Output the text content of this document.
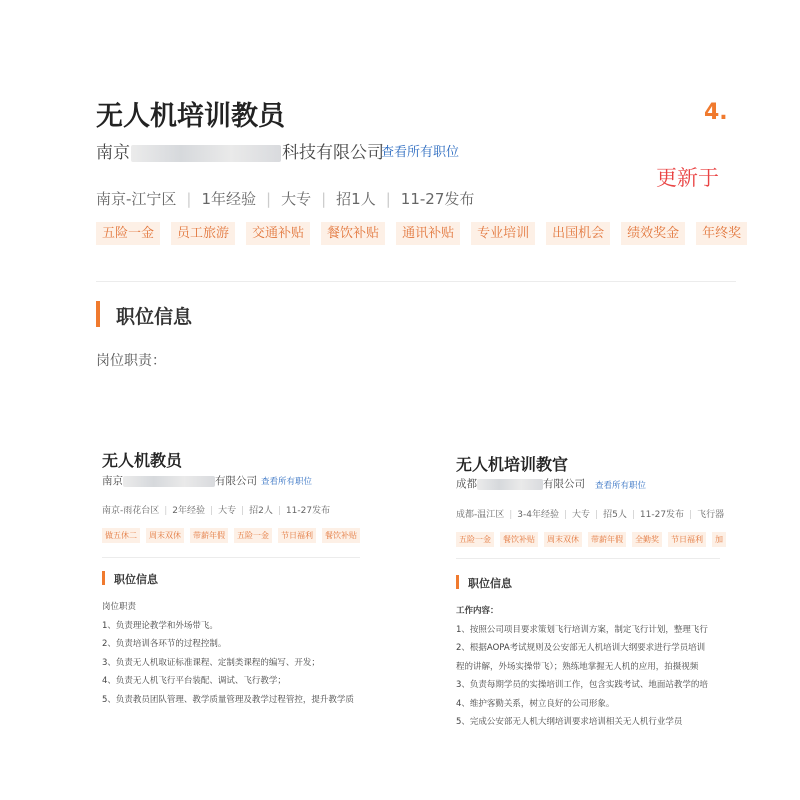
无人机培训教员
南京	科技有限公司
查看所有职位
4.
更新于
南京-江宁区 | 1年经验 | 大专 | 招1人 | 11-27发布
五险一金 员工旅游 交通补贴 餐饮补贴 通讯补贴 专业培训 出国机会 绩效奖金 年终奖
职位信息
岗位职责：
无人机教员
南京	有限公司 查看所有职位
南京-雨花台区 | 2年经验 | 大专 | 招2人 | 11-27发布
做五休二 周末双休 带薪年假 五险一金 节日福利 餐饮补贴
职位信息
岗位职责
1、负责理论教学和外场带飞。
2、负责培训各环节的过程控制。
3、负责无人机取证标准课程、定制类课程的编写、开发；
4、负责无人机飞行平台装配、调试、飞行教学；
5、负责教员团队管理、教学质量管理及教学过程管控，提升教学质
无人机培训教官
成都	有限公司 查看所有职位
成都-温江区 | 3-4年经验 | 大专 | 招5人 | 11-27发布 | 飞行器
五险一金 餐饮补贴 周末双休 带薪年假 全勤奖 节日福利 加
职位信息
工作内容：
1、按照公司项目要求策划飞行培训方案，制定飞行计划，整理飞行
2、根据AOPA考试规则及公安部无人机培训大纲要求进行学员培训
程的讲解，外场实操带飞）；熟练地掌握无人机的应用，拍摄视频
3、负责每期学员的实操培训工作，包含实践考试、地面站教学的培
4、维护客勤关系，树立良好的公司形象。
5、完成公安部无人机大纲培训要求培训相关无人机行业学员
